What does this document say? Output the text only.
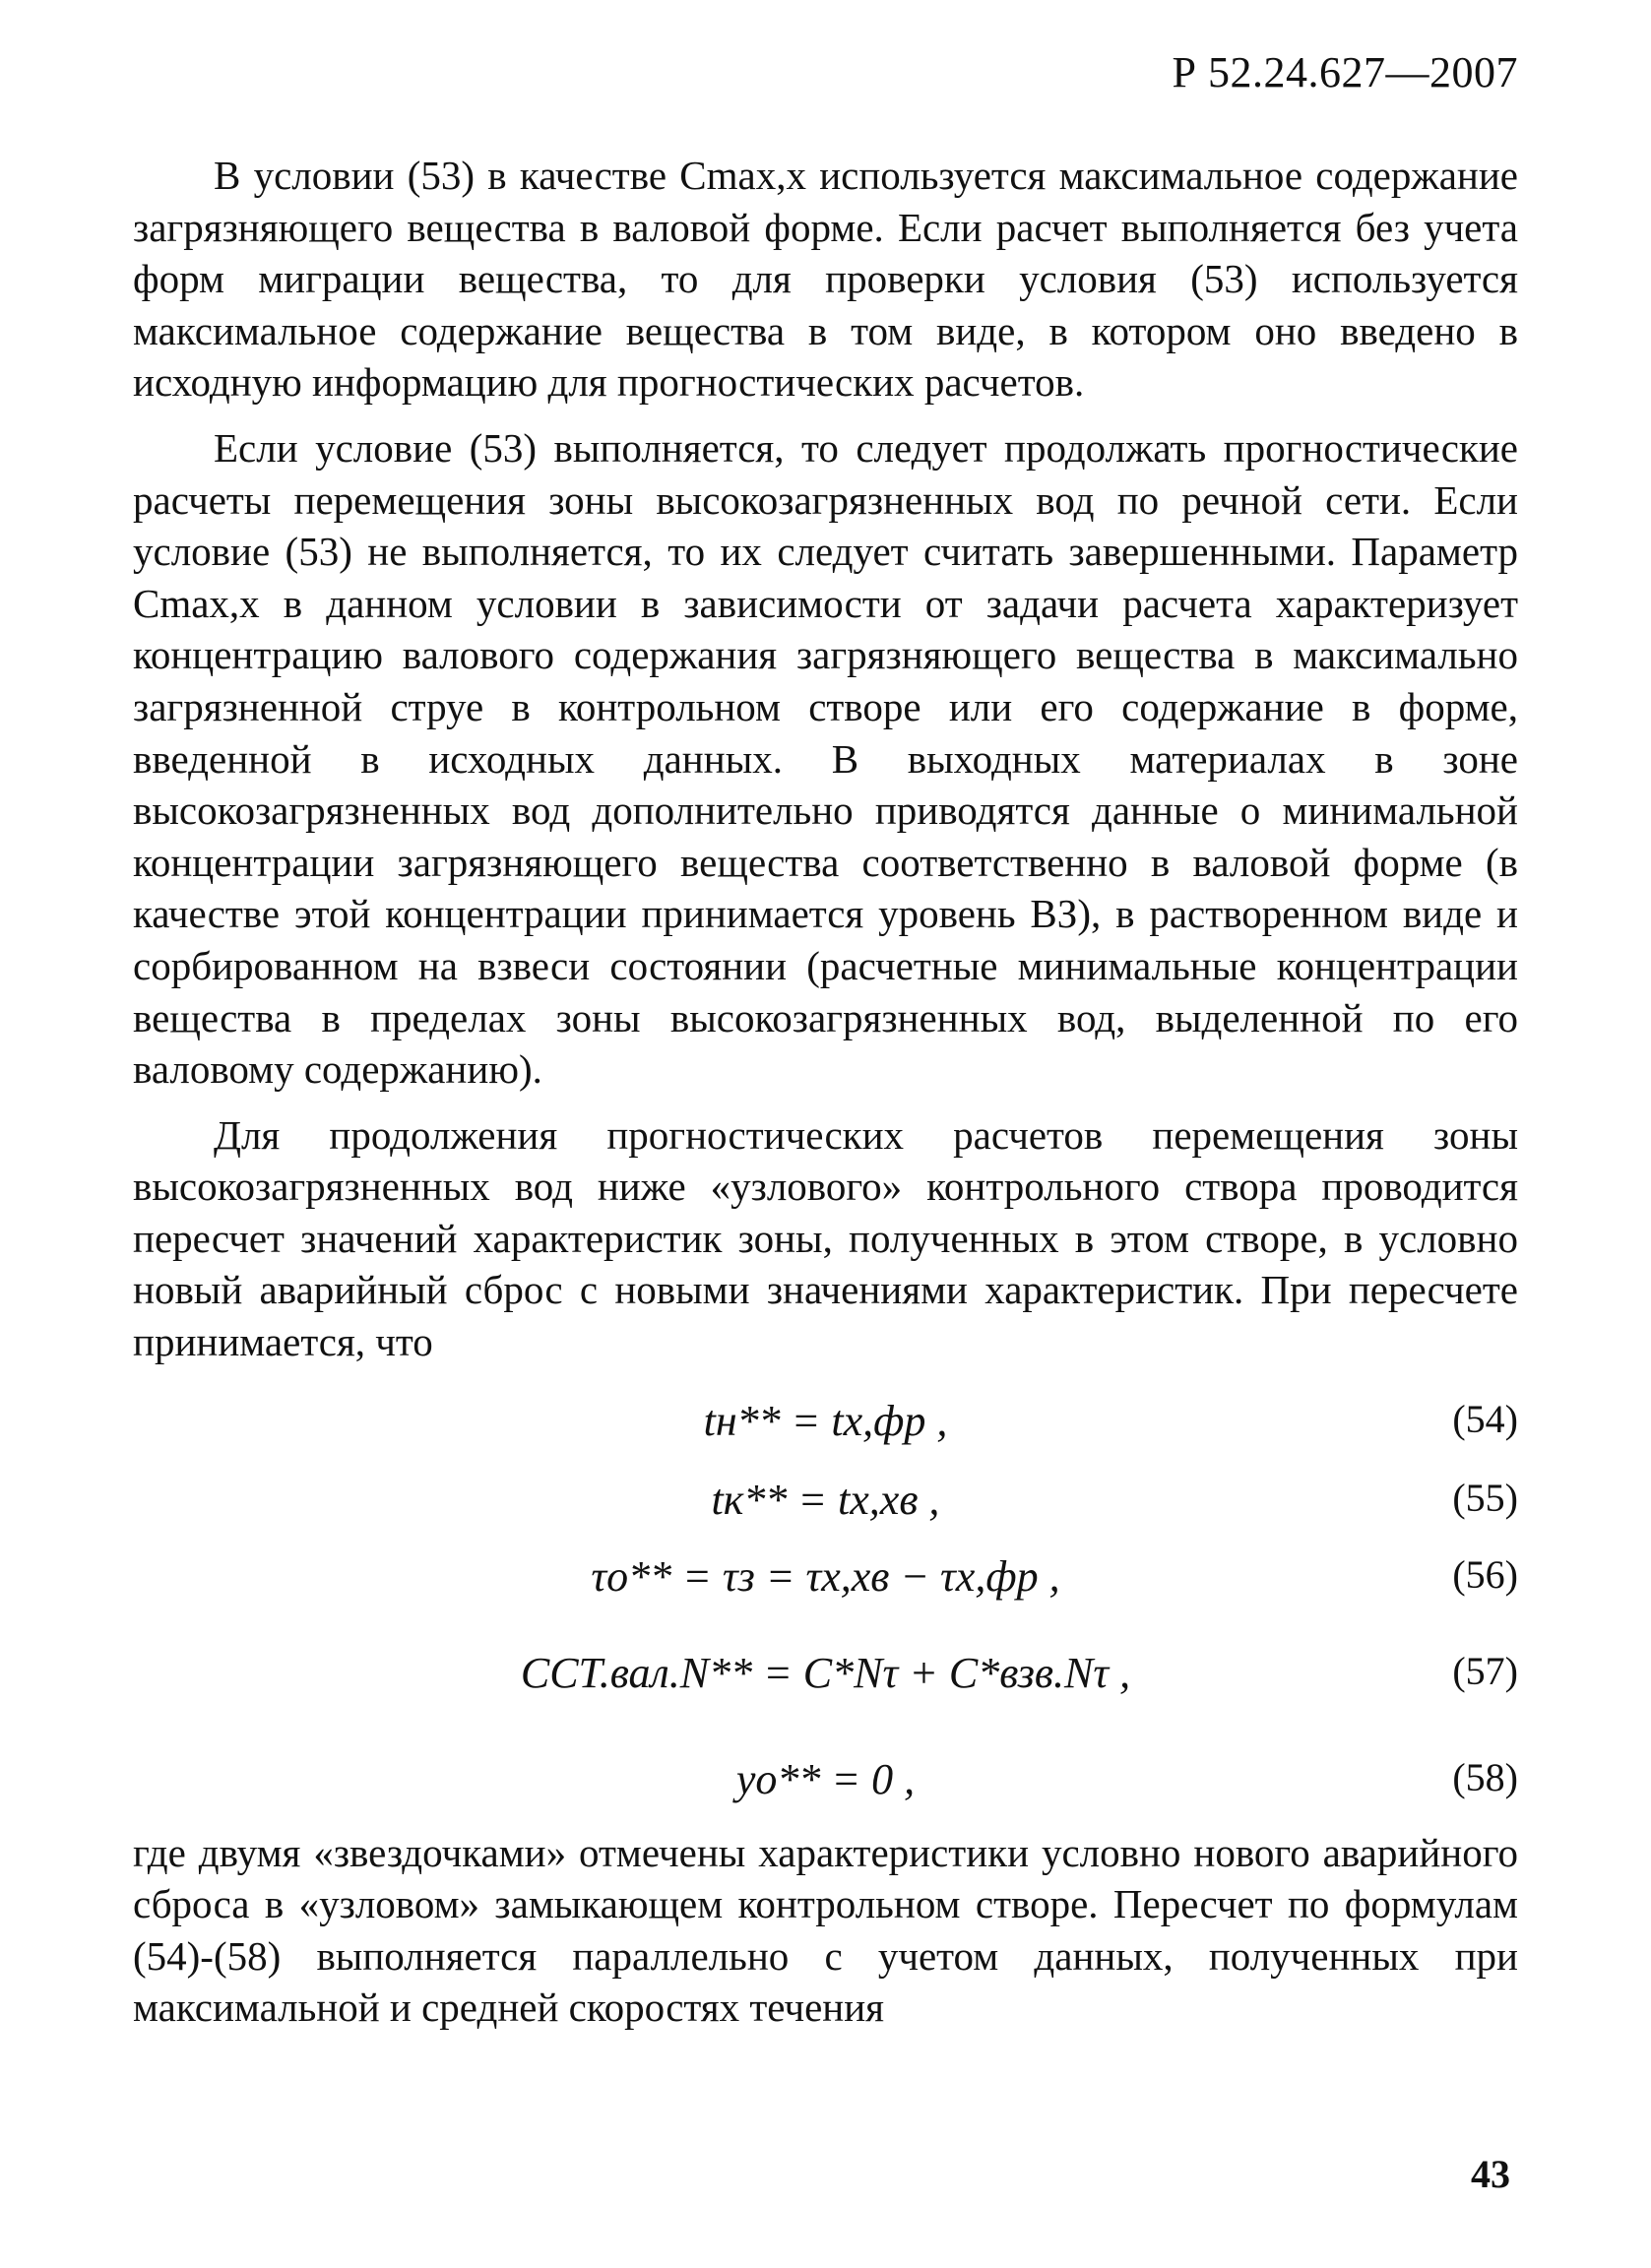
Р 52.24.627—2007

В условии (53) в качестве Cmax,x используется максимальное содержание загрязняющего вещества в валовой форме. Если расчет выполняется без учета форм миграции вещества, то для проверки условия (53) используется максимальное содержание вещества в том виде, в котором оно введено в исходную информацию для прогностических расчетов.

Если условие (53) выполняется, то следует продолжать прогностические расчеты перемещения зоны высокозагрязненных вод по речной сети. Если условие (53) не выполняется, то их следует считать завершенными. Параметр Cmax,x в данном условии в зависимости от задачи расчета характеризует концентрацию валового содержания загрязняющего вещества в максимально загрязненной струе в контрольном створе или его содержание в форме, введенной в исходных данных. В выходных материалах в зоне высокозагрязненных вод дополнительно приводятся данные о минимальной концентрации загрязняющего вещества соответственно в валовой форме (в качестве этой концентрации принимается уровень ВЗ), в растворенном виде и сорбированном на взвеси состоянии (расчетные минимальные концентрации вещества в пределах зоны высокозагрязненных вод, выделенной по его валовому содержанию).

Для продолжения прогностических расчетов перемещения зоны высокозагрязненных вод ниже «узлового» контрольного створа проводится пересчет значений характеристик зоны, полученных в этом створе, в условно новый аварийный сброс с новыми значениями характеристик. При пересчете принимается, что

tн** = tx,фр ,	(54)
tк** = tx,хв ,	(55)
τo** = τз = τx,хв − τx,фр ,	(56)
CCT.вал.N** = C*Nτ + C*взв.Nτ ,	(57)
yo** = 0 ,	(58)

где двумя «звездочками» отмечены характеристики условно нового аварийного сброса в «узловом» замыкающем контрольном створе. Пересчет по формулам (54)-(58) выполняется параллельно с учетом данных, полученных при максимальной и средней скоростях течения

43
